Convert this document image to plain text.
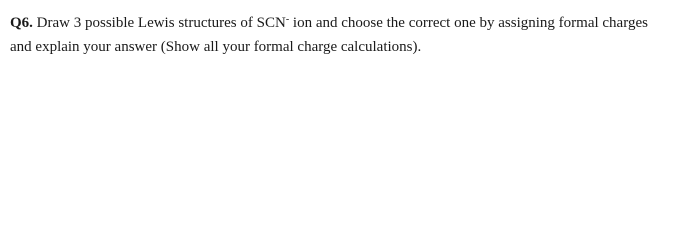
Q6. Draw 3 possible Lewis structures of SCN- ion and choose the correct one by assigning formal charges
and explain your answer (Show all your formal charge calculations).
